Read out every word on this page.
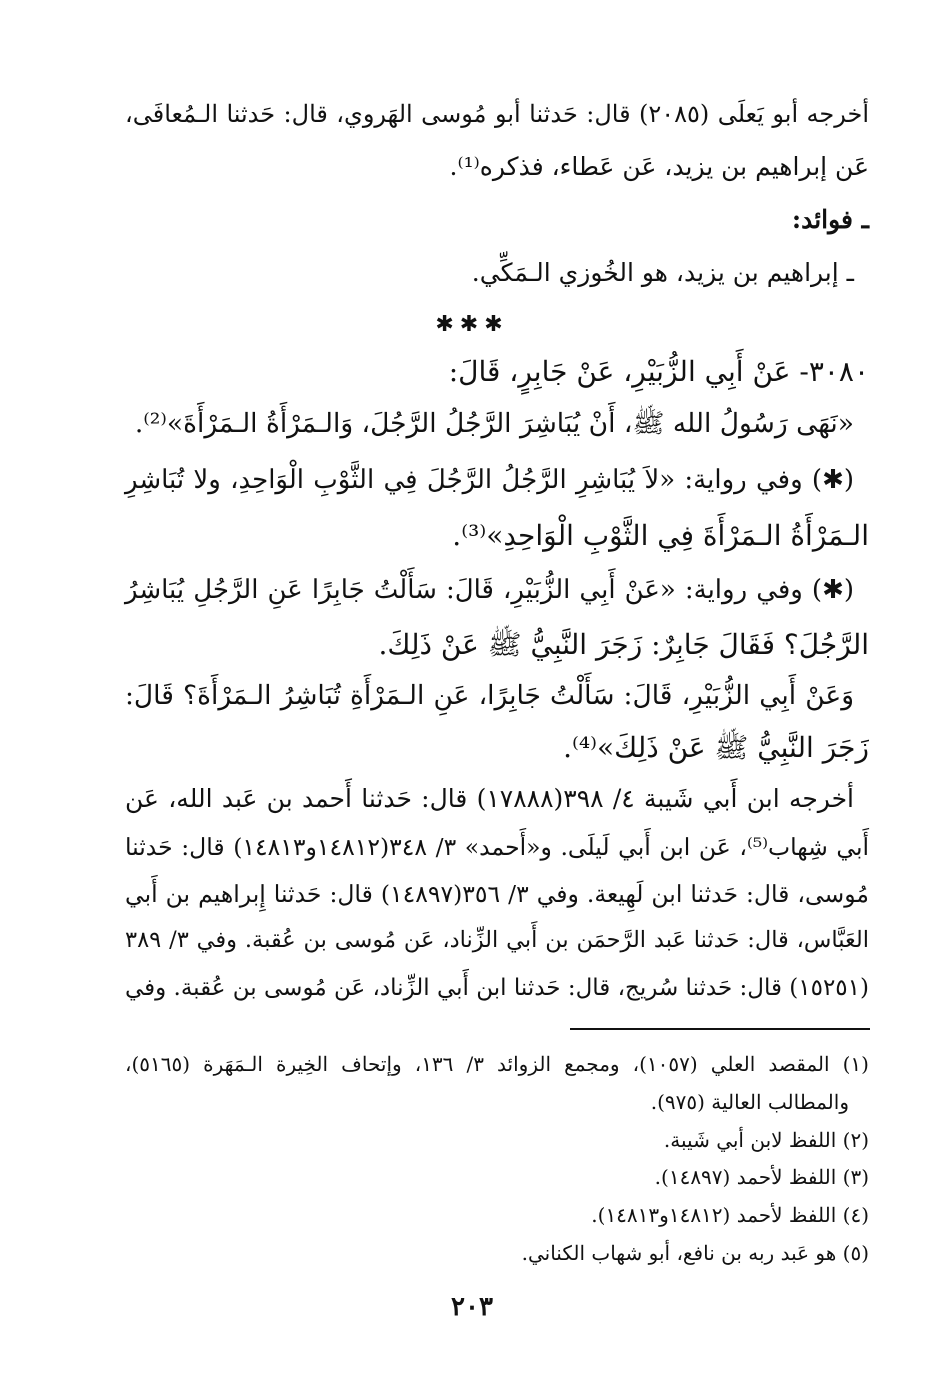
أخرجه أبو يَعلَى (٢٠٨٥) قال: حَدثنا أبو مُوسى الهَروي، قال: حَدثنا الـمُعافَى،
عَن إبراهيم بن يزيد، عَن عَطاء، فذكره⁽¹⁾.
ـ فوائد:
ـ إبراهيم بن يزيد، هو الخُوزي الـمَكِّي.
✱✱✱
٣٠٨٠- عَنْ أَبِي الزُّبَيْرِ، عَنْ جَابِرٍ، قَالَ:
«نَهَى رَسُولُ الله ﷺ، أَنْ يُبَاشِرَ الرَّجُلُ الرَّجُلَ، وَالـمَرْأَةُ الـمَرْأَةَ»⁽²⁾.
(✱) وفي رواية: «لاَ يُبَاشِرِ الرَّجُلُ الرَّجُلَ فِي الثَّوْبِ الْوَاحِدِ، ولا تُبَاشِرِ
الـمَرْأَةُ الـمَرْأَةَ فِي الثَّوْبِ الْوَاحِدِ»⁽³⁾.
(✱) وفي رواية: «عَنْ أَبِي الزُّبَيْرِ، قَالَ: سَأَلْتُ جَابِرًا عَنِ الرَّجُلِ يُبَاشِرُ
الرَّجُلَ؟ فَقَالَ جَابِرٌ: زَجَرَ النَّبِيُّ ﷺ عَنْ ذَلِكَ.
وَعَنْ أَبِي الزُّبَيْرِ، قَالَ: سَأَلْتُ جَابِرًا، عَنِ الـمَرْأَةِ تُبَاشِرُ الـمَرْأَةَ؟ قَالَ:
زَجَرَ النَّبِيُّ ﷺ عَنْ ذَلِكَ»⁽⁴⁾.
أخرجه ابن أَبي شَيبة ٤/ ٣٩٨(١٧٨٨٨) قال: حَدثنا أَحمد بن عَبد الله، عَن
أَبي شِهاب⁽⁵⁾، عَن ابن أَبي لَيلَى. و«أَحمد» ٣/ ٣٤٨(١٤٨١٢و١٤٨١٣) قال: حَدثنا
مُوسى، قال: حَدثنا ابن لَهِيعة. وفي ٣/ ٣٥٦(١٤٨٩٧) قال: حَدثنا إِبراهيم بن أَبي
العَبَّاس، قال: حَدثنا عَبد الرَّحمَن بن أَبي الزِّناد، عَن مُوسى بن عُقبة. وفي ٣/ ٣٨٩
(١٥٢٥١) قال: حَدثنا سُريج، قال: حَدثنا ابن أَبي الزِّناد، عَن مُوسى بن عُقبة. وفي
(١) المقصد العلي (١٠٥٧)، ومجمع الزوائد ٣/ ١٣٦، وإتحاف الخِيرة الـمَهَرة (٥١٦٥)،
والمطالب العالية (٩٧٥).
(٢) اللفظ لابن أبي شَيبة.
(٣) اللفظ لأحمد (١٤٨٩٧).
(٤) اللفظ لأحمد (١٤٨١٢و١٤٨١٣).
(٥) هو عَبد ربه بن نافع، أبو شهاب الكناني.
٢٠٣
